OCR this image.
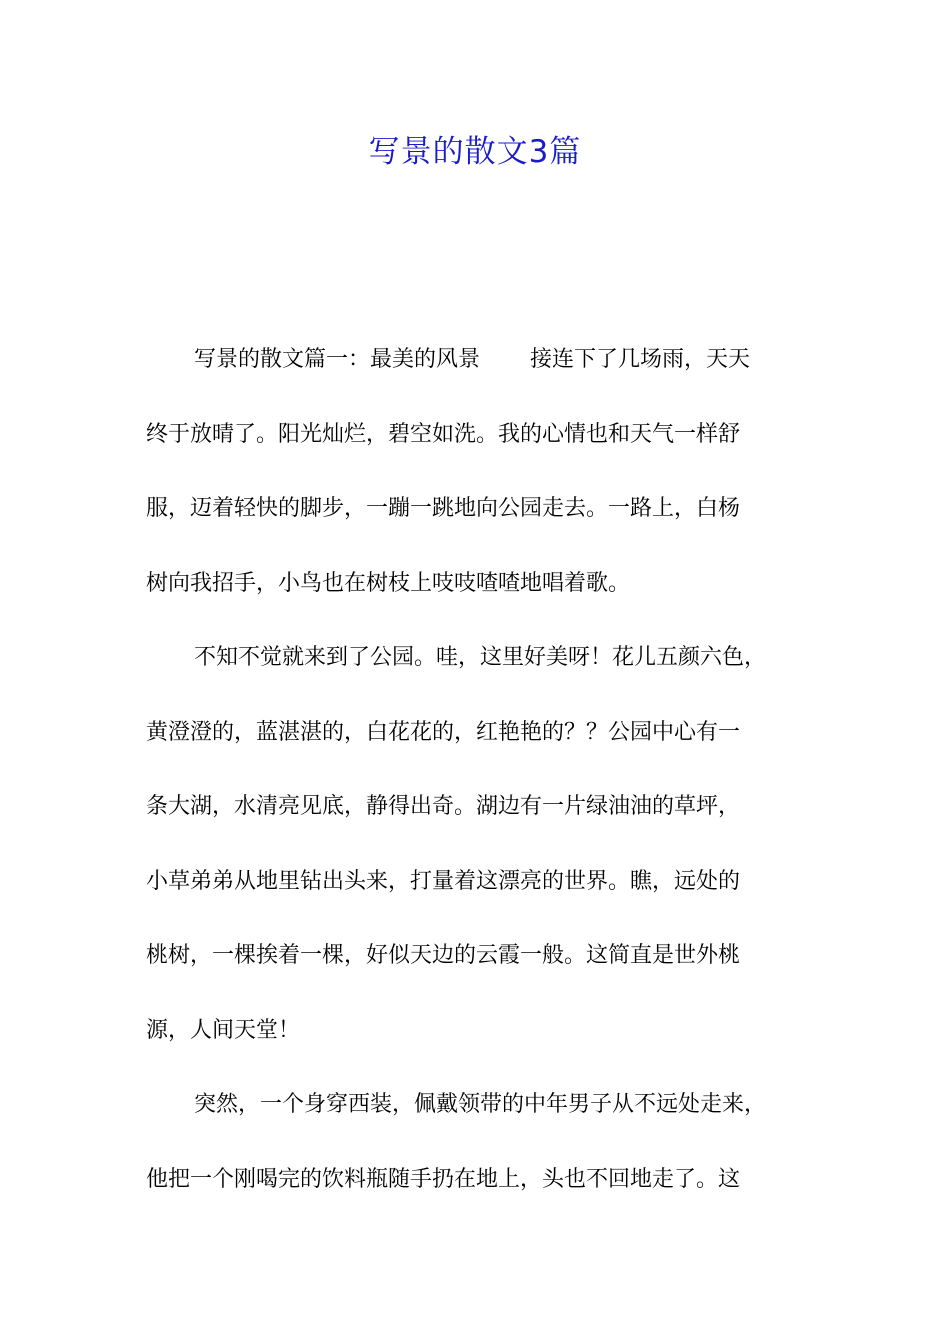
写景的散文3篇
写景的散文篇一：最美的风景 接连下了几场雨，天天
终于放晴了。阳光灿烂，碧空如洗。我的心情也和天气一样舒
服，迈着轻快的脚步，一蹦一跳地向公园走去。一路上，白杨
树向我招手，小鸟也在树枝上吱吱喳喳地唱着歌。
不知不觉就来到了公园。哇，这里好美呀！花儿五颜六色，
黄澄澄的，蓝湛湛的，白花花的，红艳艳的？？公园中心有一
条大湖，水清亮见底，静得出奇。湖边有一片绿油油的草坪，
小草弟弟从地里钻出头来，打量着这漂亮的世界。瞧，远处的
桃树，一棵挨着一棵，好似天边的云霞一般。这简直是世外桃
源，人间天堂！
突然，一个身穿西装，佩戴领带的中年男子从不远处走来，
他把一个刚喝完的饮料瓶随手扔在地上，头也不回地走了。这
